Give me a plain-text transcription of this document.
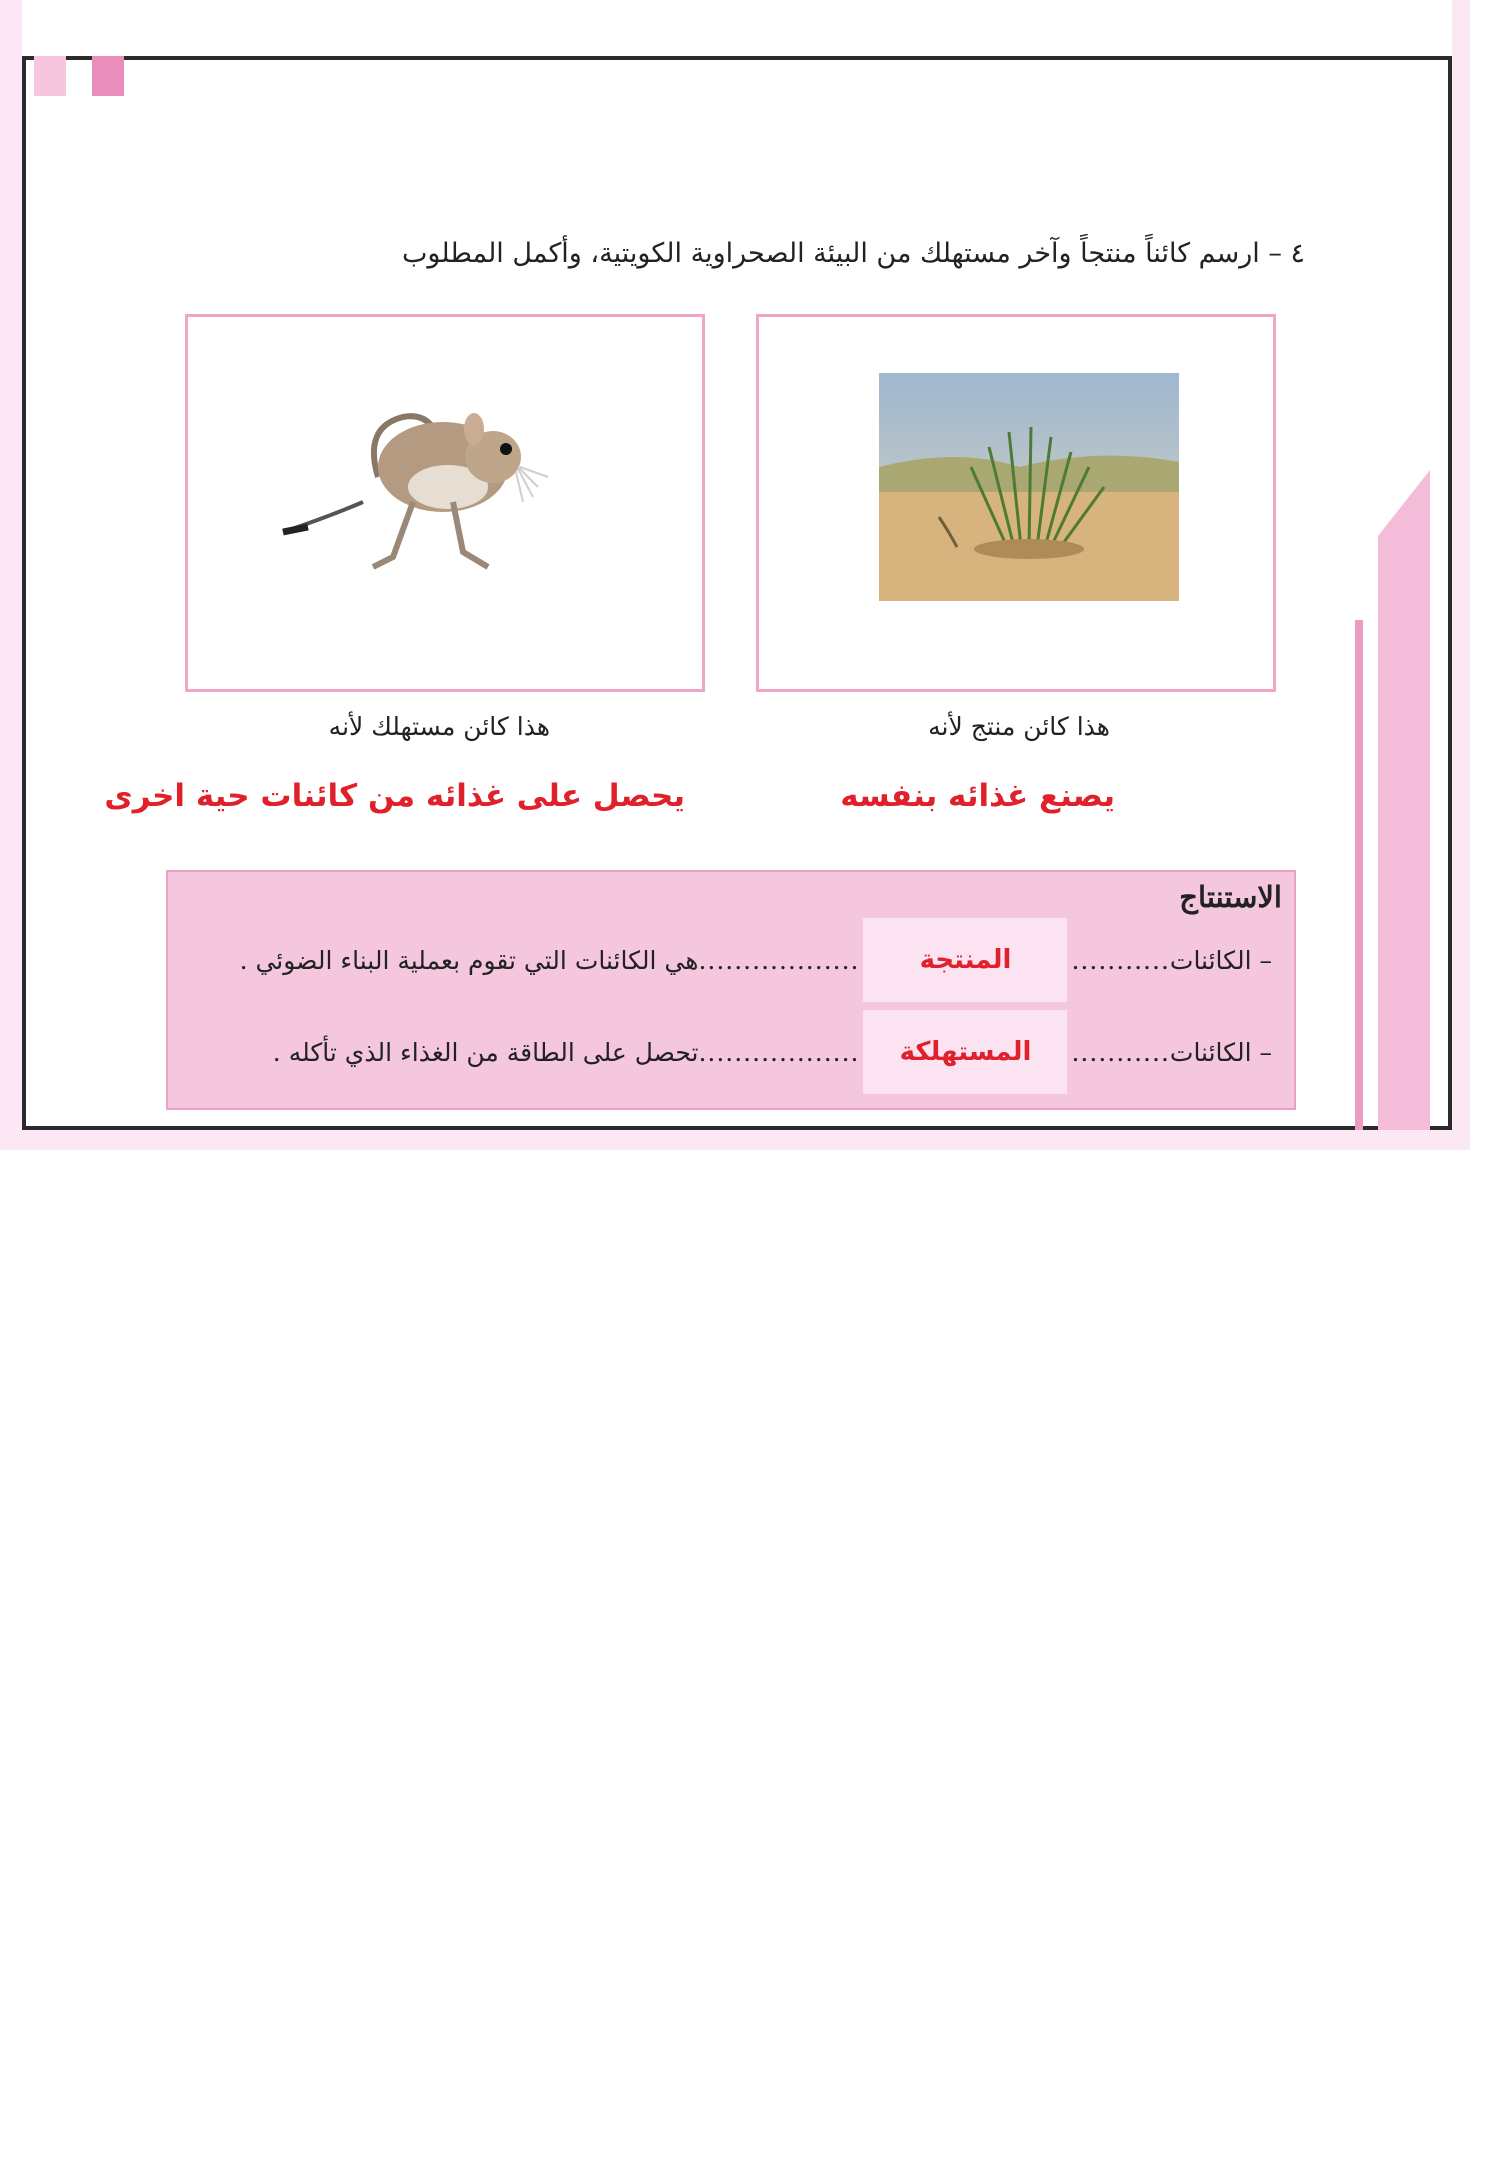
٤ – ارسم كائناً منتجاً وآخر مستهلك من البيئة الصحراوية الكويتية، وأكمل المطلوب
هذا كائن مستهلك لأنه	هذا كائن منتج لأنه
يحصل على غذائه من كائنات حية اخرى	يصنع غذائه بنفسه
الاستنتاج
– الكائنات
...........
المنتجة
..................
هي الكائنات التي تقوم بعملية البناء الضوئي .
– الكائنات
...........
المستهلكة
..................
تحصل على الطاقة من الغذاء الذي تأكله .
